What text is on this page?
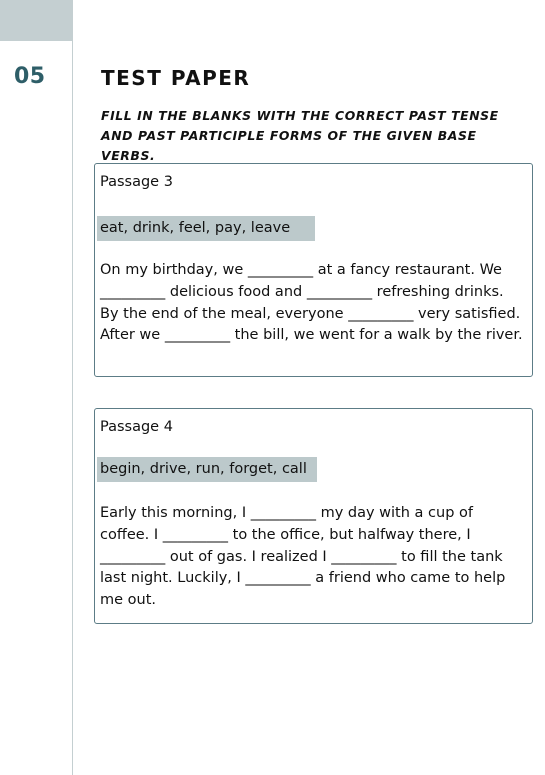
05	TEST PAPER
FILL IN THE BLANKS WITH THE CORRECT PAST TENSE AND PAST PARTICIPLE FORMS OF THE GIVEN BASE VERBS.
Passage 3
eat, drink, feel, pay, leave
On my birthday, we _________ at a fancy restaurant. We _________ delicious food and _________ refreshing drinks. By the end of the meal, everyone _________ very satisfied. After we _________ the bill, we went for a walk by the river.
Passage 4
begin, drive, run, forget, call
Early this morning, I _________ my day with a cup of coffee. I _________ to the office, but halfway there, I _________ out of gas. I realized I _________ to fill the tank last night. Luckily, I _________ a friend who came to help me out.
